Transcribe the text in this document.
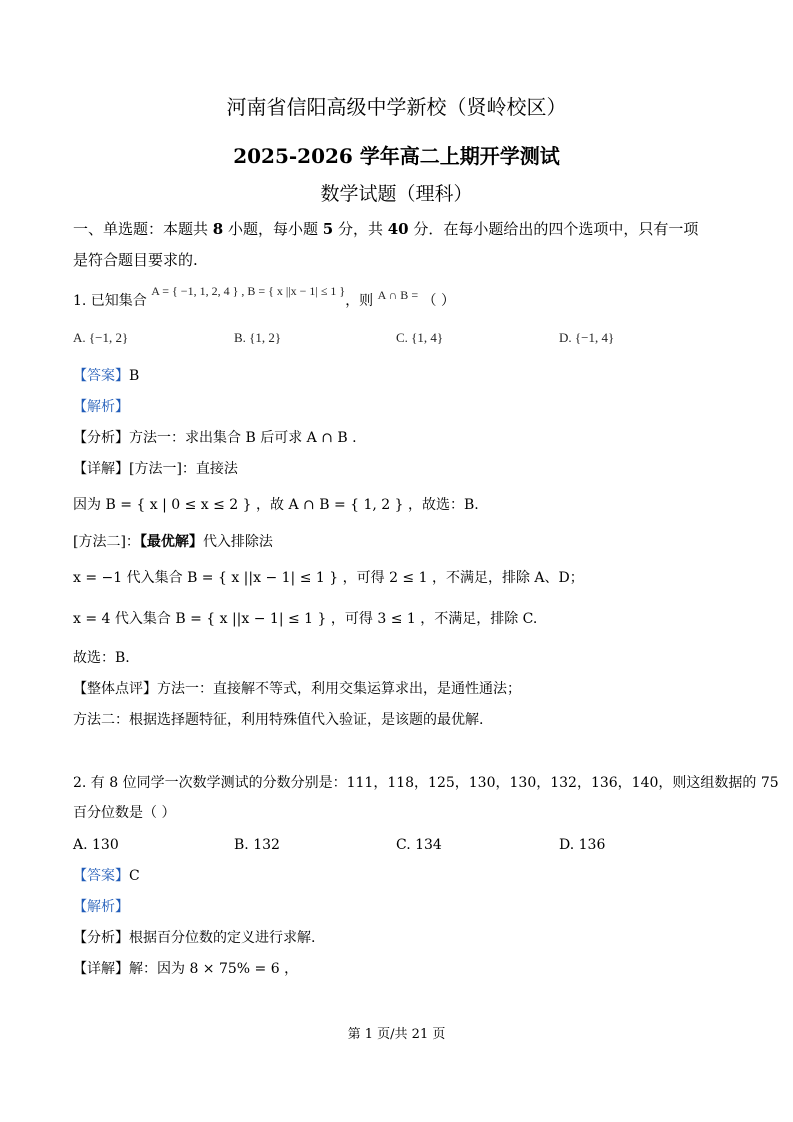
河南省信阳高级中学新校（贤岭校区）
2025-2026 学年高二上期开学测试
数学试题（理科）
一、单选题：本题共 8 小题，每小题 5 分，共 40 分．在每小题给出的四个选项中，只有一项
是符合题目要求的.
1. 已知集合 A = { −1, 1, 2, 4 } , B = { x ||x − 1| ≤ 1 }，则 A ∩ B = （ ）
A. {−1, 2}	B. {1, 2}	C. {1, 4}	D. {−1, 4}
【答案】B
【解析】
【分析】方法一：求出集合 B 后可求 A ∩ B .
【详解】[方法一]：直接法
因为 B = { x | 0 ≤ x ≤ 2 } ，故 A ∩ B = { 1, 2 } ，故选：B.
[方法二]：【最优解】代入排除法
x = −1 代入集合 B = { x ||x − 1| ≤ 1 } ，可得 2 ≤ 1 ，不满足，排除 A、D；
x = 4 代入集合 B = { x ||x − 1| ≤ 1 } ，可得 3 ≤ 1 ，不满足，排除 C.
故选：B.
【整体点评】方法一：直接解不等式，利用交集运算求出，是通性通法；
方法二：根据选择题特征，利用特殊值代入验证，是该题的最优解.
2. 有 8 位同学一次数学测试的分数分别是：111，118，125，130，130，132，136，140，则这组数据的 75
百分位数是（ ）
A. 130	B. 132	C. 134	D. 136
【答案】C
【解析】
【分析】根据百分位数的定义进行求解.
【详解】解：因为 8 × 75% = 6 ，
第 1 页/共 21 页
